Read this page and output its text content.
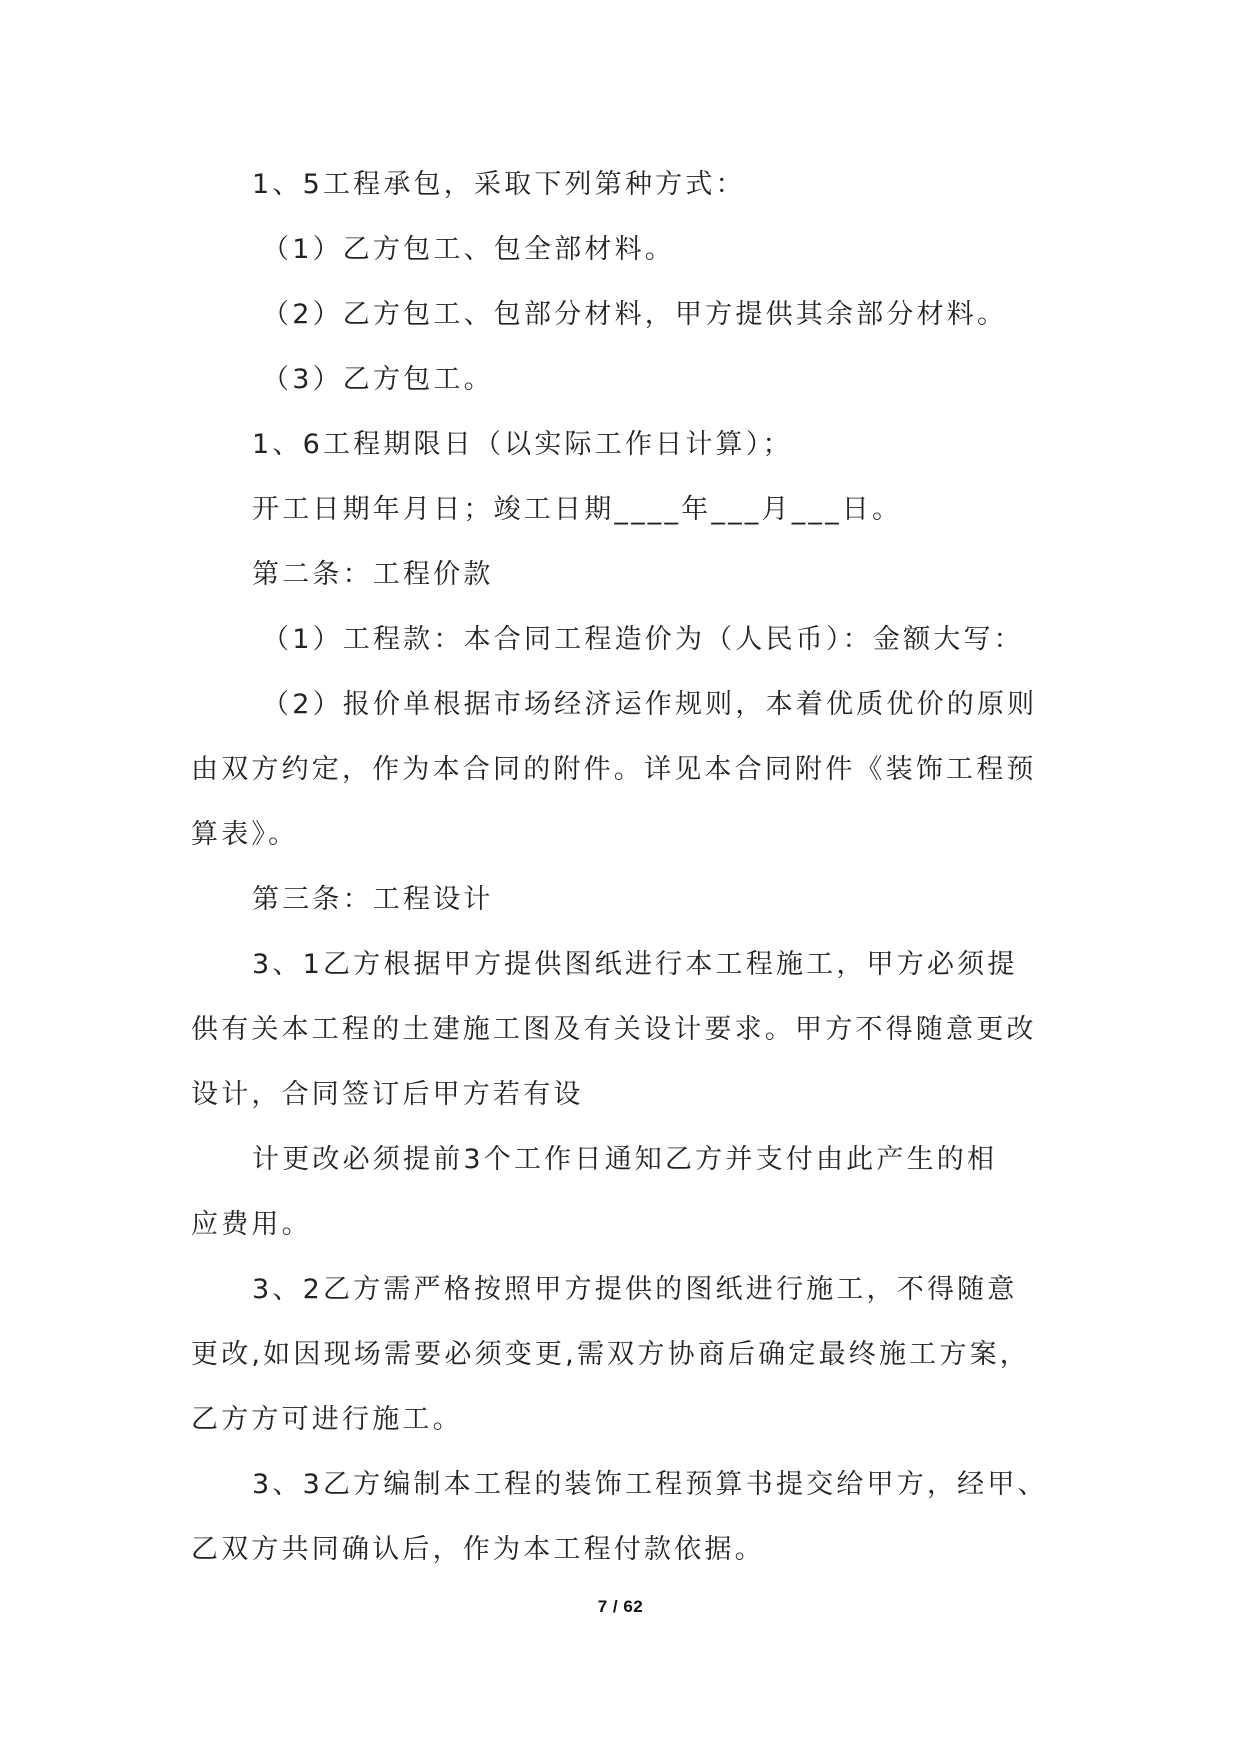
1、5工程承包，采取下列第种方式：
（1）乙方包工、包全部材料。
（2）乙方包工、包部分材料，甲方提供其余部分材料。
（3）乙方包工。
1、6工程期限日（以实际工作日计算）；
开工日期年月日；竣工日期____年___月___日。
第二条：工程价款
（1）工程款：本合同工程造价为（人民币）：金额大写：
（2）报价单根据市场经济运作规则，本着优质优价的原则
由双方约定，作为本合同的附件。详见本合同附件《装饰工程预
算表》。
第三条：工程设计
3、1乙方根据甲方提供图纸进行本工程施工，甲方必须提
供有关本工程的土建施工图及有关设计要求。甲方不得随意更改
设计，合同签订后甲方若有设
计更改必须提前3个工作日通知乙方并支付由此产生的相
应费用。
3、2乙方需严格按照甲方提供的图纸进行施工，不得随意
更改,如因现场需要必须变更,需双方协商后确定最终施工方案，
乙方方可进行施工。
3、3乙方编制本工程的装饰工程预算书提交给甲方，经甲、
乙双方共同确认后，作为本工程付款依据。
7 / 62
